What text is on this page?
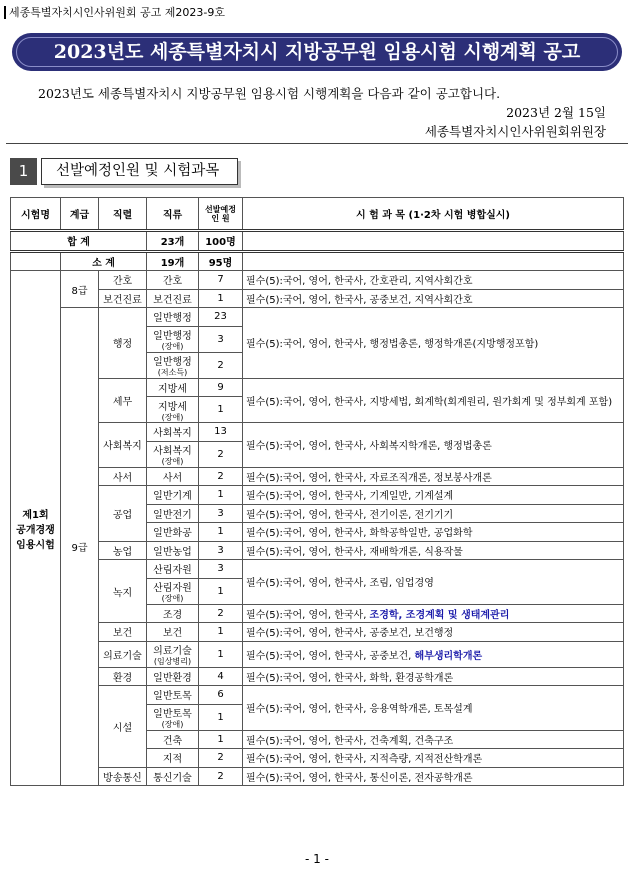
세종특별자치시인사위원회 공고 제2023-9호
2023년도 세종특별자치시 지방공무원 임용시험 시행계획 공고
2023년도 세종특별자치시 지방공무원 임용시험 시행계획을 다음과 같이 공고합니다.
2023년 2월 15일
세종특별자치시인사위원회위원장
1	선발예정인원 및 시험과목
시험명	계급	직렬	직류	선발예정
인 원	시 험 과 목 (1·2차 시험 병합실시)
합 계			23개	100명	
	소 계		19개	95명	

제1회
공개경쟁
임용시험	8급	간호	간호	7	필수(5):국어, 영어, 한국사, 간호관리, 지역사회간호
		보건진료	보건진료	1	필수(5):국어, 영어, 한국사, 공중보건, 지역사회간호
	9급	행정	일반행정	23	필수(5):국어, 영어, 한국사, 행정법총론, 행정학개론(지방행정포함)

			일반행정
(장애)	3	

			일반행정
(저소득)	2	
		세무	지방세	9	필수(5):국어, 영어, 한국사, 지방세법, 회계학(회계원리, 원가회계 및 정부회계 포함)

			지방세
(장애)	1	
		사회복지	사회복지	13	필수(5):국어, 영어, 한국사, 사회복지학개론, 행정법총론

			사회복지
(장애)	2	
		사서	사서	2	필수(5):국어, 영어, 한국사, 자료조직개론, 정보봉사개론
		공업	일반기계	1	필수(5):국어, 영어, 한국사, 기계일반, 기계설계

			일반전기	3	필수(5):국어, 영어, 한국사, 전기이론, 전기기기

			일반화공	1	필수(5):국어, 영어, 한국사, 화학공학일반, 공업화학
		농업	일반농업	3	필수(5):국어, 영어, 한국사, 재배학개론, 식용작물
		녹지	산림자원	3	필수(5):국어, 영어, 한국사, 조림, 임업경영

			산림자원
(장애)	1	

			조경	2	필수(5):국어, 영어, 한국사, 조경학, 조경계획 및 생태계관리
		보건	보건	1	필수(5):국어, 영어, 한국사, 공중보건, 보건행정
		의료기술	의료기술
(임상병리)	1	필수(5):국어, 영어, 한국사, 공중보건, 해부생리학개론
		환경	일반환경	4	필수(5):국어, 영어, 한국사, 화학, 환경공학개론
		시설	일반토목	6	필수(5):국어, 영어, 한국사, 응용역학개론, 토목설계

			일반토목
(장애)	1	

			건축	1	필수(5):국어, 영어, 한국사, 건축계획, 건축구조

			지적	2	필수(5):국어, 영어, 한국사, 지적측량, 지적전산학개론
		방송통신	통신기술	2	필수(5):국어, 영어, 한국사, 통신이론, 전자공학개론
- 1 -
